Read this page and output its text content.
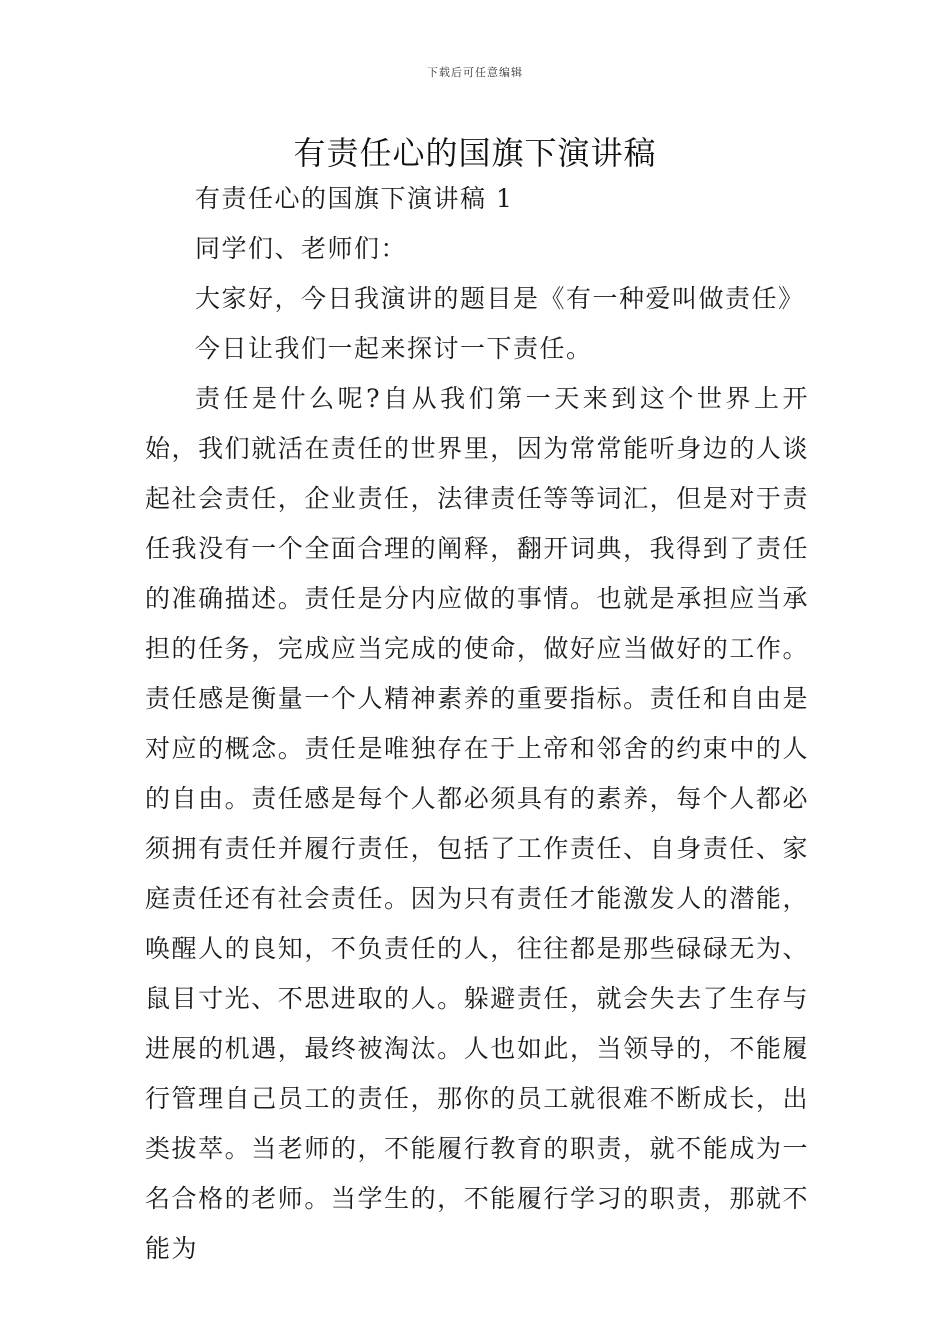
下载后可任意编辑
有责任心的国旗下演讲稿

有责任心的国旗下演讲稿 1

同学们、老师们：

大家好，今日我演讲的题目是《有一种爱叫做责任》

今日让我们一起来探讨一下责任。

责任是什么呢?自从我们第一天来到这个世界上开始，我们就活在责任的世界里，因为常常能听身边的人谈起社会责任，企业责任，法律责任等等词汇，但是对于责任我没有一个全面合理的阐释，翻开词典，我得到了责任的准确描述。责任是分内应做的事情。也就是承担应当承担的任务，完成应当完成的使命，做好应当做好的工作。责任感是衡量一个人精神素养的重要指标。责任和自由是对应的概念。责任是唯独存在于上帝和邻舍的约束中的人的自由。责任感是每个人都必须具有的素养，每个人都必须拥有责任并履行责任，包括了工作责任、自身责任、家庭责任还有社会责任。因为只有责任才能激发人的潜能，唤醒人的良知，不负责任的人，往往都是那些碌碌无为、鼠目寸光、不思进取的人。躲避责任，就会失去了生存与进展的机遇，最终被淘汰。人也如此，当领导的，不能履行管理自己员工的责任，那你的员工就很难不断成长，出类拔萃。当老师的，不能履行教育的职责，就不能成为一名合格的老师。当学生的，不能履行学习的职责，那就不能为
